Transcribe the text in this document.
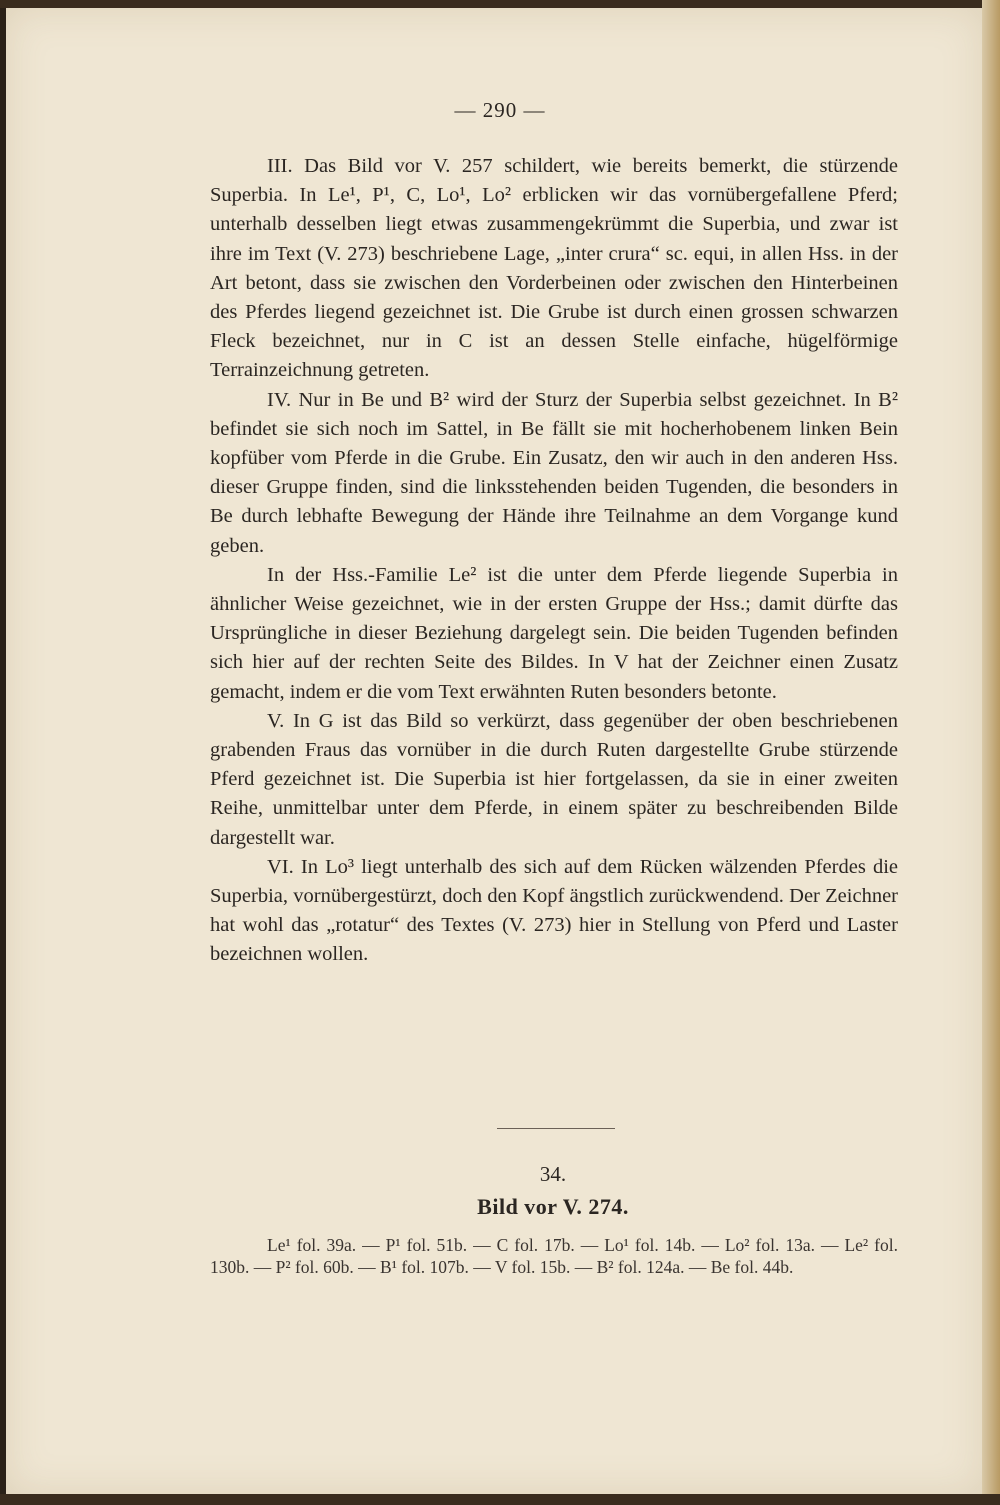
— 290 —

III. Das Bild vor V. 257 schildert, wie bereits bemerkt, die stürzende Superbia. In Le¹, P¹, C, Lo¹, Lo² erblicken wir das vornübergefallene Pferd; unterhalb desselben liegt etwas zusammengekrümmt die Superbia, und zwar ist ihre im Text (V. 273) beschriebene Lage, „inter crura“ sc. equi, in allen Hss. in der Art betont, dass sie zwischen den Vorderbeinen oder zwischen den Hinterbeinen des Pferdes liegend gezeichnet ist. Die Grube ist durch einen grossen schwarzen Fleck bezeichnet, nur in C ist an dessen Stelle einfache, hügelförmige Terrainzeichnung getreten.

IV. Nur in Be und B² wird der Sturz der Superbia selbst gezeichnet. In B² befindet sie sich noch im Sattel, in Be fällt sie mit hocherhobenem linken Bein kopfüber vom Pferde in die Grube. Ein Zusatz, den wir auch in den anderen Hss. dieser Gruppe finden, sind die linksstehenden beiden Tugenden, die besonders in Be durch lebhafte Bewegung der Hände ihre Teilnahme an dem Vorgange kund geben.

In der Hss.-Familie Le² ist die unter dem Pferde liegende Superbia in ähnlicher Weise gezeichnet, wie in der ersten Gruppe der Hss.; damit dürfte das Ursprüngliche in dieser Beziehung dargelegt sein. Die beiden Tugenden befinden sich hier auf der rechten Seite des Bildes. In V hat der Zeichner einen Zusatz gemacht, indem er die vom Text erwähnten Ruten besonders betonte.

V. In G ist das Bild so verkürzt, dass gegenüber der oben beschriebenen grabenden Fraus das vornüber in die durch Ruten dargestellte Grube stürzende Pferd gezeichnet ist. Die Superbia ist hier fortgelassen, da sie in einer zweiten Reihe, unmittelbar unter dem Pferde, in einem später zu beschreibenden Bilde dargestellt war.

VI. In Lo³ liegt unterhalb des sich auf dem Rücken wälzenden Pferdes die Superbia, vornübergestürzt, doch den Kopf ängstlich zurückwendend. Der Zeichner hat wohl das „rotatur“ des Textes (V. 273) hier in Stellung von Pferd und Laster bezeichnen wollen.

34.
Bild vor V. 274.

Le¹ fol. 39a. — P¹ fol. 51b. — C fol. 17b. — Lo¹ fol. 14b. — Lo² fol. 13a. — Le² fol. 130b. — P² fol. 60b. — B¹ fol. 107b. — V fol. 15b. — B² fol. 124a. — Be fol. 44b.
